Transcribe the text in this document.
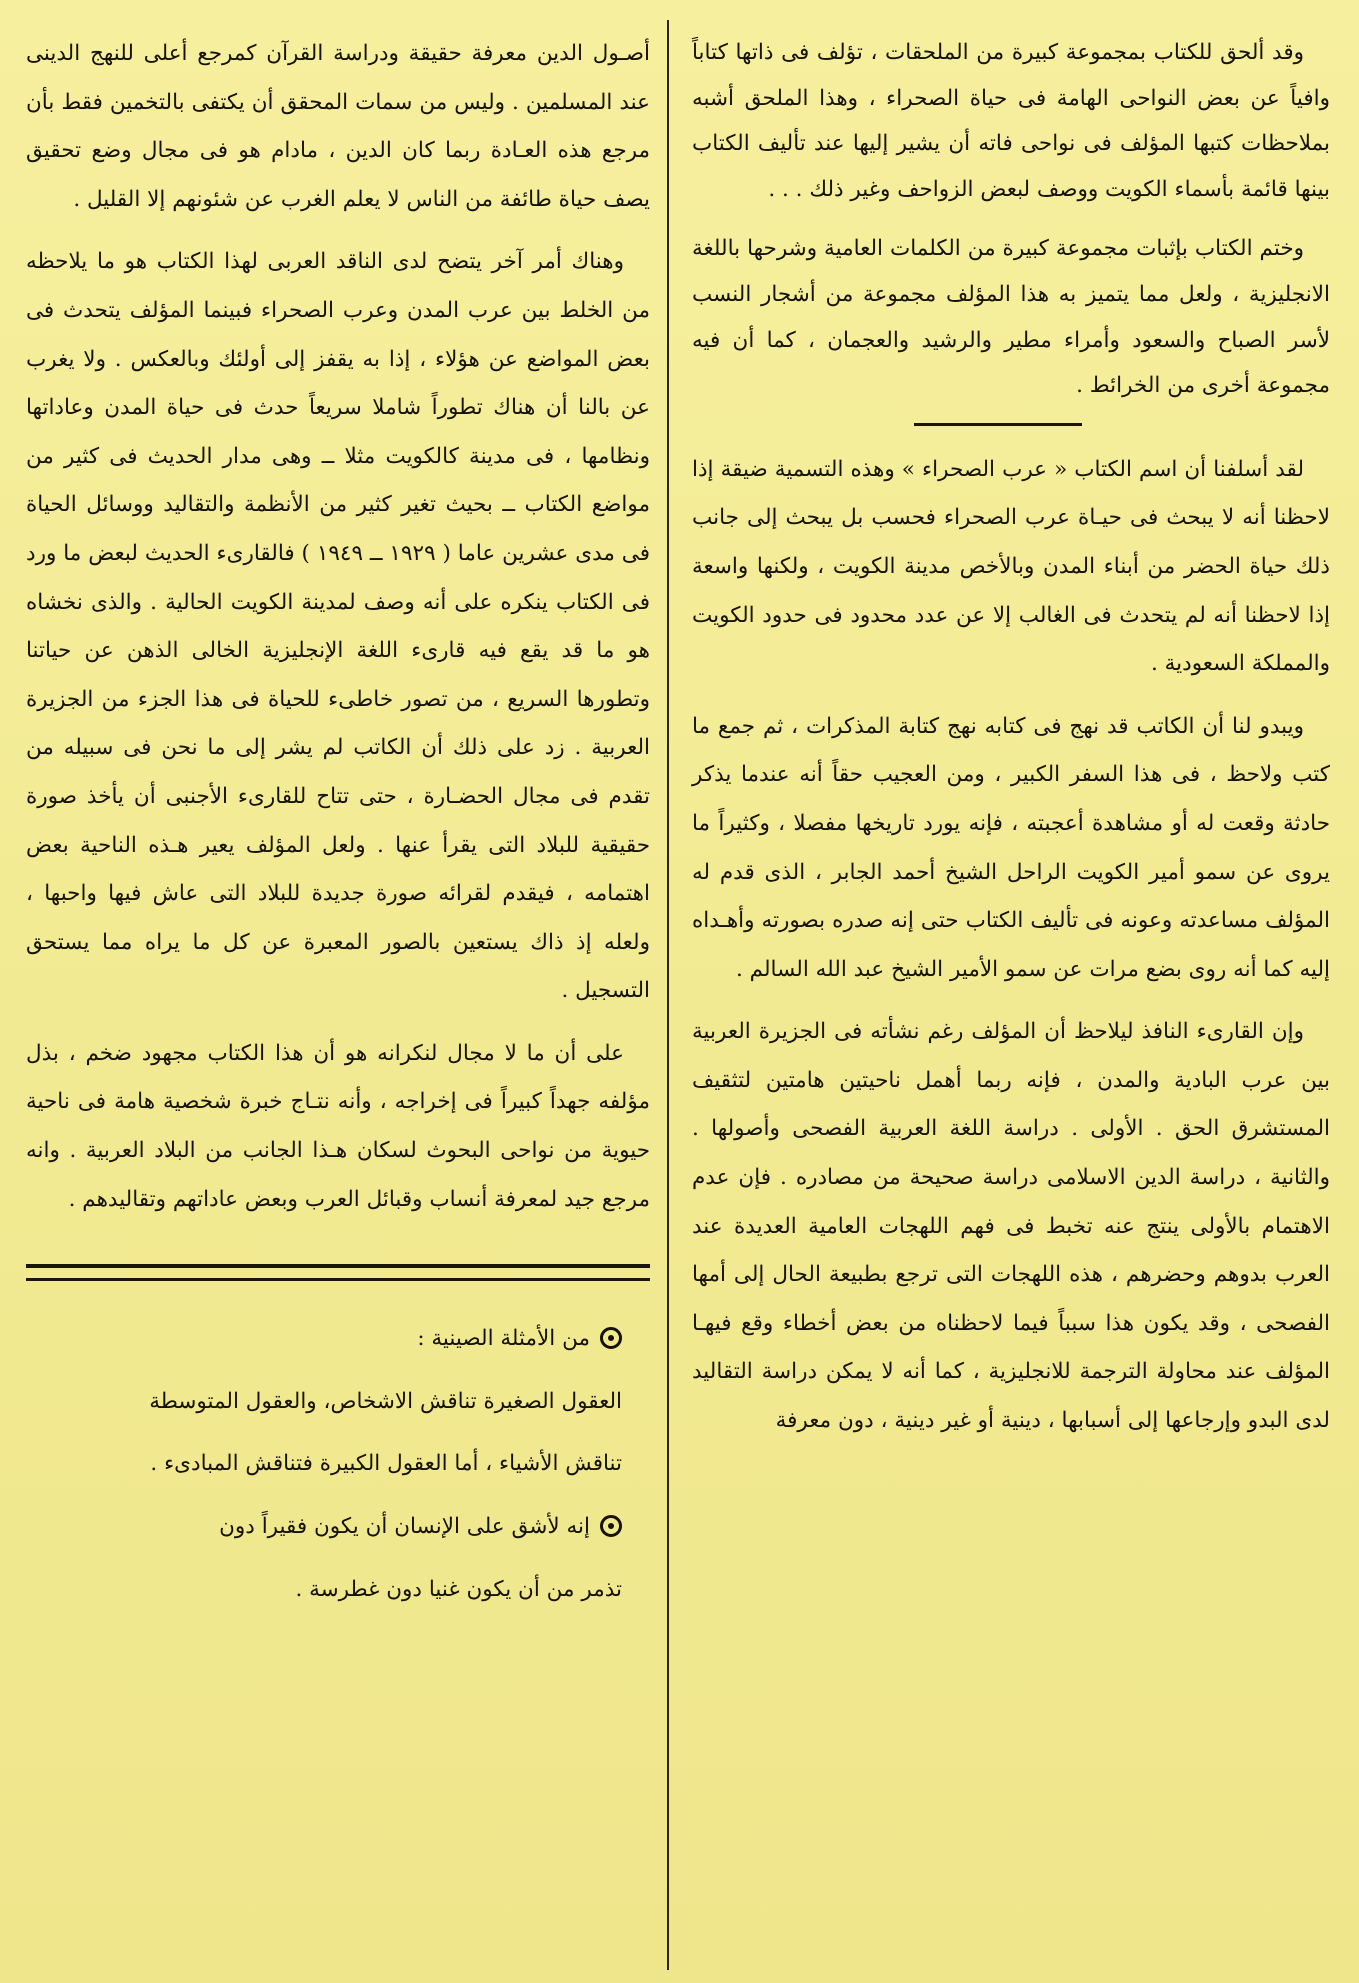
وقد ألحق للكتاب بمجموعة كبيرة من الملحقات ، تؤلف فى ذاتها كتاباً وافياً عن بعض النواحى الهامة فى حياة الصحراء ، وهذا الملحق أشبه بملاحظات كتبها المؤلف فى نواحى فاته أن يشير إليها عند تأليف الكتاب بينها قائمة بأسماء الكويت ووصف لبعض الزواحف وغير ذلك . . .

وختم الكتاب بإثبات مجموعة كبيرة من الكلمات العامية وشرحها باللغة الانجليزية ، ولعل مما يتميز به هذا المؤلف مجموعة من أشجار النسب لأسر الصباح والسعود وأمراء مطير والرشيد والعجمان ، كما أن فيه مجموعة أخرى من الخرائط .

لقد أسلفنا أن اسم الكتاب « عرب الصحراء » وهذه التسمية ضيقة إذا لاحظنا أنه لا يبحث فى حيـاة عرب الصحراء فحسب بل يبحث إلى جانب ذلك حياة الحضر من أبناء المدن وبالأخص مدينة الكويت ، ولكنها واسعة إذا لاحظنا أنه لم يتحدث فى الغالب إلا عن عدد محدود فى حدود الكويت والمملكة السعودية .

ويبدو لنا أن الكاتب قد نهج فى كتابه نهج كتابة المذكرات ، ثم جمع ما كتب ولاحظ ، فى هذا السفر الكبير ، ومن العجيب حقاً أنه عندما يذكر حادثة وقعت له أو مشاهدة أعجبته ، فإنه يورد تاريخها مفصلا ، وكثيراً ما يروى عن سمو أمير الكويت الراحل الشيخ أحمد الجابر ، الذى قدم له المؤلف مساعدته وعونه فى تأليف الكتاب حتى إنه صدره بصورته وأهـداه إليه كما أنه روى بضع مرات عن سمو الأمير الشيخ عبد الله السالم .

وإن القارىء النافذ ليلاحظ أن المؤلف رغم نشأته فى الجزيرة العربية بين عرب البادية والمدن ، فإنه ربما أهمل ناحيتين هامتين لتثقيف المستشرق الحق . الأولى . دراسة اللغة العربية الفصحى وأصولها . والثانية ، دراسة الدين الاسلامى دراسة صحيحة من مصادره . فإن عدم الاهتمام بالأولى ينتج عنه تخبط فى فهم اللهجات العامية العديدة عند العرب بدوهم وحضرهم ، هذه اللهجات التى ترجع بطبيعة الحال إلى أمها الفصحى ، وقد يكون هذا سبباً فيما لاحظناه من بعض أخطاء وقع فيهـا المؤلف عند محاولة الترجمة للانجليزية ، كما أنه لا يمكن دراسة التقاليد لدى البدو وإرجاعها إلى أسبابها ، دينية أو غير دينية ، دون معرفة

أصـول الدين معرفة حقيقة ودراسة القرآن كمرجع أعلى للنهج الدينى عند المسلمين . وليس من سمات المحقق أن يكتفى بالتخمين فقط بأن مرجع هذه العـادة ربما كان الدين ، مادام هو فى مجال وضع تحقيق يصف حياة طائفة من الناس لا يعلم الغرب عن شئونهم إلا القليل .

وهناك أمر آخر يتضح لدى الناقد العربى لهذا الكتاب هو ما يلاحظه من الخلط بين عرب المدن وعرب الصحراء فبينما المؤلف يتحدث فى بعض المواضع عن هؤلاء ، إذا به يقفز إلى أولئك وبالعكس . ولا يغرب عن بالنا أن هناك تطوراً شاملا سريعاً حدث فى حياة المدن وعاداتها ونظامها ، فى مدينة كالكويت مثلا ــ وهى مدار الحديث فى كثير من مواضع الكتاب ــ بحيث تغير كثير من الأنظمة والتقاليد ووسائل الحياة فى مدى عشرين عاما ( ١٩٢٩ ــ ١٩٤٩ ) فالقارىء الحديث لبعض ما ورد فى الكتاب ينكره على أنه وصف لمدينة الكويت الحالية . والذى نخشاه هو ما قد يقع فيه قارىء اللغة الإنجليزية الخالى الذهن عن حياتنا وتطورها السريع ، من تصور خاطىء للحياة فى هذا الجزء من الجزيرة العربية . زد على ذلك أن الكاتب لم يشر إلى ما نحن فى سبيله من تقدم فى مجال الحضـارة ، حتى تتاح للقارىء الأجنبى أن يأخذ صورة حقيقية للبلاد التى يقرأ عنها . ولعل المؤلف يعير هـذه الناحية بعض اهتمامه ، فيقدم لقرائه صورة جديدة للبلاد التى عاش فيها واحبها ، ولعله إذ ذاك يستعين بالصور المعبرة عن كل ما يراه مما يستحق التسجيل .

على أن ما لا مجال لنكرانه هو أن هذا الكتاب مجهود ضخم ، بذل مؤلفه جهداً كبيراً فى إخراجه ، وأنه نتـاج خبرة شخصية هامة فى ناحية حيوية من نواحى البحوث لسكان هـذا الجانب من البلاد العربية . وانه مرجع جيد لمعرفة أنساب وقبائل العرب وبعض عاداتهم وتقاليدهم .

من الأمثلة الصينية :

العقول الصغيرة تناقش الاشخاص، والعقول المتوسطة

تناقش الأشياء ، أما العقول الكبيرة فتناقش المبادىء .

إنه لأشق على الإنسان أن يكون فقيراً دون

تذمر من أن يكون غنيا دون غطرسة .
